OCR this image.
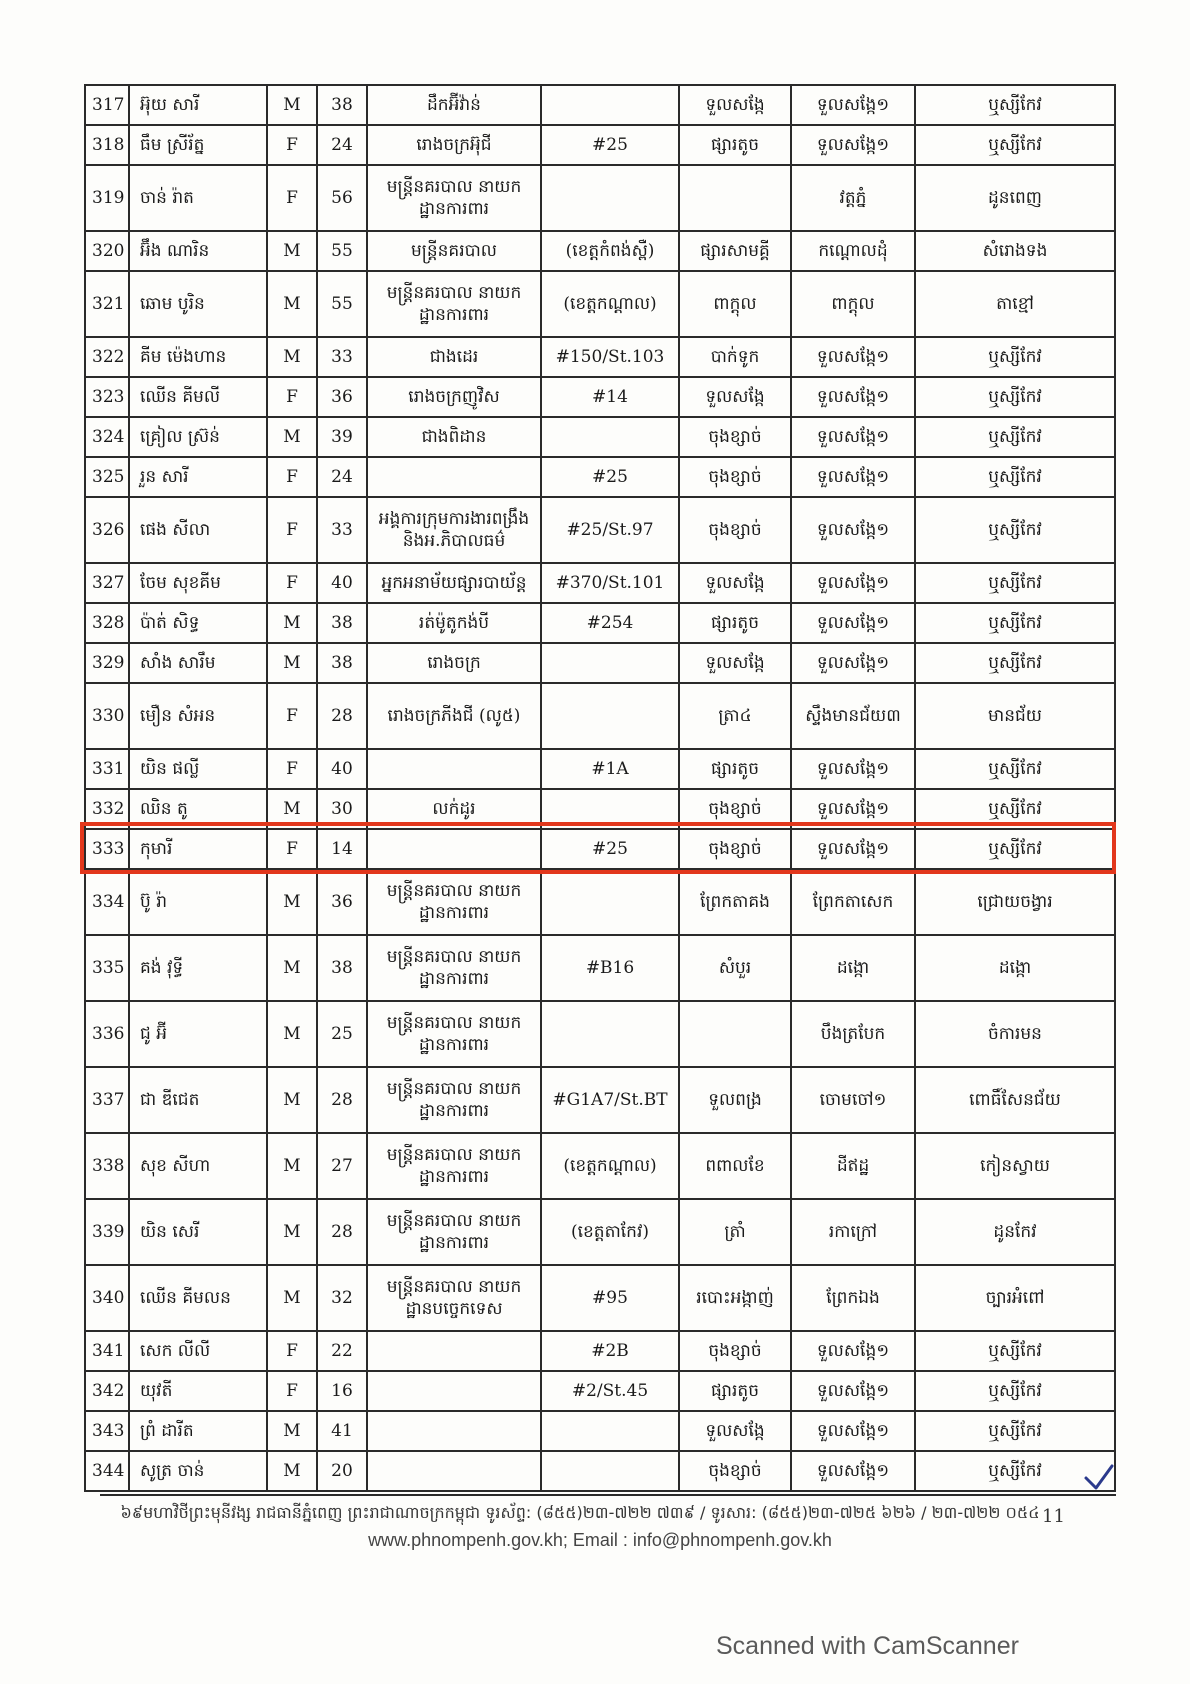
317	អ៊ុយ សារី	M	38	ដឹកអ៊ីវ៉ាន់		ទួលសង្កែ	ទួលសង្កែ១	ឬស្សីកែវ
318	ធឹម ស្រីរ័ត្ន	F	24	រោងចក្រអ៊ុជី	#25	ផ្សារតូច	ទួលសង្កែ១	ឬស្សីកែវ
319	ចាន់ រ៉ាត	F	56	មន្ត្រីនគរបាល នាយកដ្ឋានការពារ			វត្តភ្នំ	ដូនពេញ
320	អ៊ឹង ណារិន	M	55	មន្ត្រីនគរបាល	(ខេត្តកំពង់ស្ពឺ)	ផ្សារសាមគ្គី	កណ្ដោលដុំ	សំរោងទង
321	ឆោម បូរិន	M	55	មន្ត្រីនគរបាល នាយកដ្ឋានការពារ	(ខេត្តកណ្ដាល)	ពាក្តុល	ពាក្តុល	តាខ្មៅ
322	គីម ម៉េងហាន	M	33	ជាងដេរ	#150/St.103	បាក់ទូក	ទួលសង្កែ១	ឬស្សីកែវ
323	ឈើន គីមលី	F	36	រោងចក្រញូវិស	#14	ទួលសង្កែ	ទួលសង្កែ១	ឬស្សីកែវ
324	គ្រៀល ស្រ៊ន់	M	39	ជាងពិដាន		ចុងខ្សាច់	ទួលសង្កែ១	ឬស្សីកែវ
325	រួន សារី	F	24		#25	ចុងខ្សាច់	ទួលសង្កែ១	ឬស្សីកែវ
326	ផេង សីលា	F	33	អង្គការក្រុមការងារពង្រឹង និងអ.ភិបាលធម៌	#25/St.97	ចុងខ្សាច់	ទួលសង្កែ១	ឬស្សីកែវ
327	ចែម សុខគីម	F	40	អ្នកអនាម័យផ្សារបាយ័ន្ត	#370/St.101	ទួលសង្កែ	ទួលសង្កែ១	ឬស្សីកែវ
328	ប៉ាត់ សិទ្ធ	M	38	រត់ម៉ូតូកង់បី	#254	ផ្សារតូច	ទួលសង្កែ១	ឬស្សីកែវ
329	សាំង សារឹម	M	38	រោងចក្រ		ទួលសង្កែ	ទួលសង្កែ១	ឬស្សីកែវ
330	មឿន សំអន	F	28	រោងចក្រភីងជី (លូ៥)		ត្រា៤	ស្ទឹងមានជ័យ៣	មានជ័យ
331	យិន ផល្លី	F	40		#1A	ផ្សារតូច	ទួលសង្កែ១	ឬស្សីកែវ
332	ឈិន តូ	M	30	លក់ដូរ		ចុងខ្សាច់	ទួលសង្កែ១	ឬស្សីកែវ
333	កុមារី	F	14		#25	ចុងខ្សាច់	ទួលសង្កែ១	ឬស្សីកែវ
334	ប៊ូ រ៉ា	M	36	មន្ត្រីនគរបាល នាយកដ្ឋានការពារ		ព្រែកតាគង	ព្រែកតាសេក	ជ្រោយចង្វារ
335	គង់ វុទ្ធី	M	38	មន្ត្រីនគរបាល នាយកដ្ឋានការពារ	#B16	សំបួរ	ដង្កោ	ដង្កោ
336	ជូ អ៊ី	M	25	មន្ត្រីនគរបាល នាយកដ្ឋានការពារ			បឹងត្របែក	ចំការមន
337	ជា ឌីជេត	M	28	មន្ត្រីនគរបាល នាយកដ្ឋានការពារ	#G1A7/St.BT	ទួលពង្រ	ចោមចៅ១	ពោធិ៍សែនជ័យ
338	សុខ សីហា	M	27	មន្ត្រីនគរបាល នាយកដ្ឋានការពារ	(ខេត្តកណ្ដាល)	ពពាលខែ	ដីឥដ្ឋ	កៀនស្វាយ
339	យិន សេរី	M	28	មន្ត្រីនគរបាល នាយកដ្ឋានការពារ	(ខេត្តតាកែវ)	ត្រាំ	រកាក្រៅ	ដូនកែវ
340	ឈើន គីមលន	M	32	មន្ត្រីនគរបាល នាយកដ្ឋានបច្ចេកទេស	#95	របោះអង្កាញ់	ព្រែកឯង	ច្បារអំពៅ
341	សេក លីលី	F	22		#2B	ចុងខ្សាច់	ទួលសង្កែ១	ឬស្សីកែវ
342	យុវតី	F	16		#2/St.45	ផ្សារតូច	ទួលសង្កែ១	ឬស្សីកែវ
343	ព្រំ ដារីត	M	41			ទួលសង្កែ	ទួលសង្កែ១	ឬស្សីកែវ
344	សូត្រ ចាន់	M	20			ចុងខ្សាច់	ទួលសង្កែ១	ឬស្សីកែវ
៦៩មហាវិថីព្រះមុនីវង្ស រាជធានីភ្នំពេញ ព្រះរាជាណាចក្រកម្ពុជា ទូរស័ព្ទ: (៨៥៥)២៣-៧២២ ៧៣៩ / ទូរសារ: (៨៥៥)២៣-៧២៥ ៦២៦ / ២៣-៧២២ ០៥៤ 11
www.phnompenh.gov.kh; Email : info@phnompenh.gov.kh
Scanned with CamScanner
